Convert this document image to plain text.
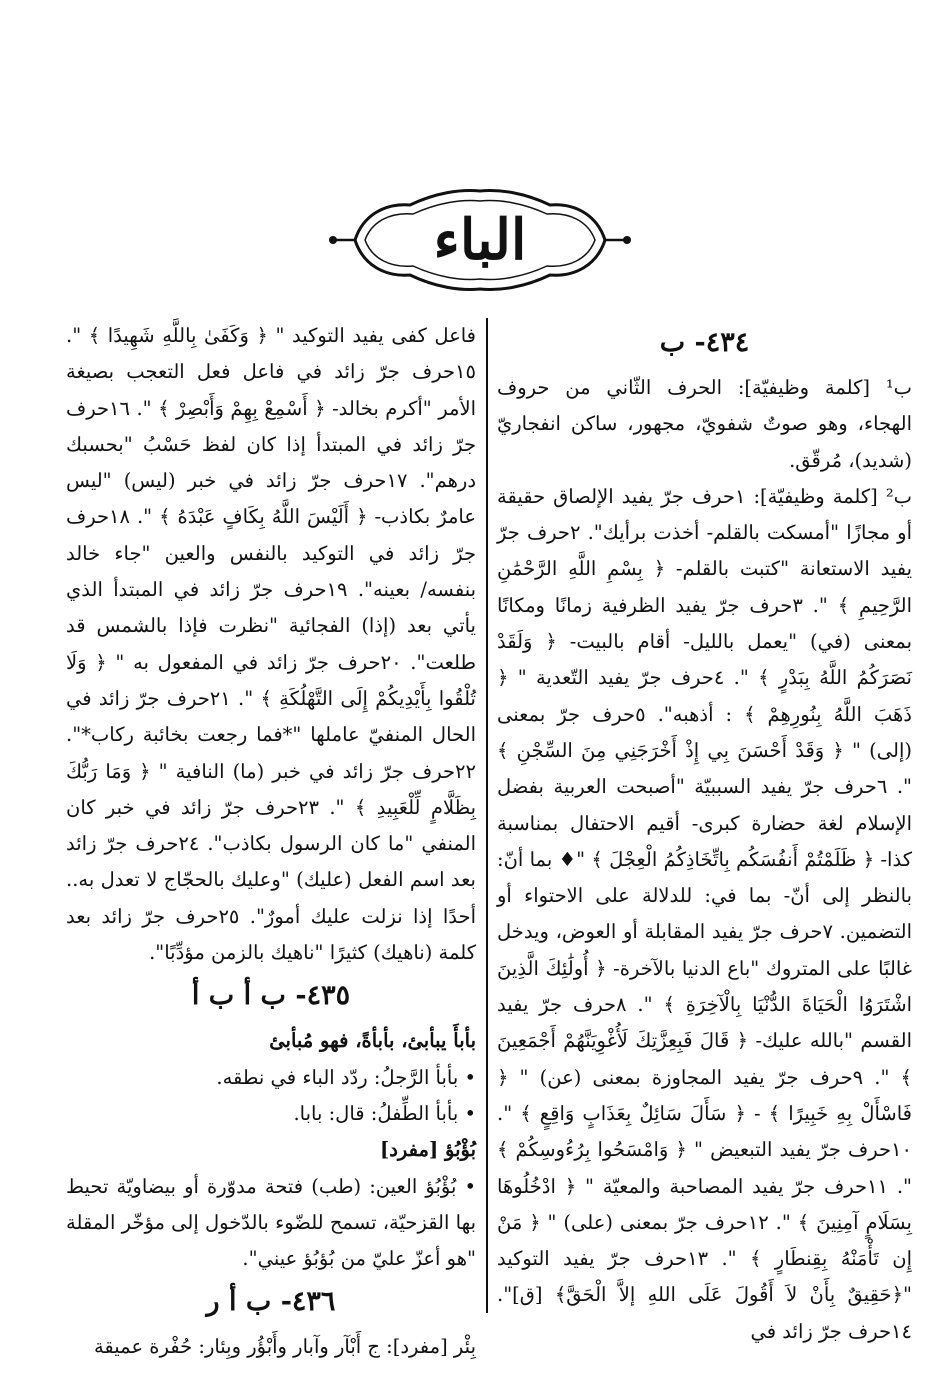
الباء
٤٣٤- ب

ب¹ [كلمة وظيفيّة]: الحرف الثّاني من حروف الهجاء، وهو صوتٌ شفويّ، مجهور، ساكن انفجاريّ (شديد)، مُرقّق.

ب² [كلمة وظيفيّة]: ١حرف جرّ يفيد الإلصاق حقيقة أو مجازًا "أمسكت بالقلم- أخذت برأيك". ٢حرف جرّ يفيد الاستعانة "كتبت بالقلم- ﴿ بِسْمِ اللَّهِ الرَّحْمَٰنِ الرَّحِيمِ ﴾ ". ٣حرف جرّ يفيد الظرفية زمانًا ومكانًا بمعنى (في) "يعمل بالليل- أقام بالبيت- ﴿ وَلَقَدْ نَصَرَكُمُ اللَّهُ بِبَدْرٍ ﴾ ". ٤حرف جرّ يفيد التّعدية " ﴿ ذَهَبَ اللَّهُ بِنُورِهِمْ ﴾ : أذهبه". ٥حرف جرّ بمعنى (إلى) " ﴿ وَقَدْ أَحْسَنَ بِي إِذْ أَخْرَجَنِي مِنَ السِّجْنِ ﴾ ". ٦حرف جرّ يفيد السببيّة "أصبحت العربية بفضل الإسلام لغة حضارة كبرى- أقيم الاحتفال بمناسبة كذا- ﴿ ظَلَمْتُمْ أَنفُسَكُم بِاتِّخَاذِكُمُ الْعِجْلَ ﴾ "♦ بما أنّ: بالنظر إلى أنّ- بما في: للدلالة على الاحتواء أو التضمين. ٧حرف جرّ يفيد المقابلة أو العوض، ويدخل غالبًا على المتروك "باع الدنيا بالآخرة- ﴿ أُولَٰئِكَ الَّذِينَ اشْتَرَوُا الْحَيَاةَ الدُّنْيَا بِالْآخِرَةِ ﴾ ". ٨حرف جرّ يفيد القسم "بالله عليك- ﴿ قَالَ فَبِعِزَّتِكَ لَأُغْوِيَنَّهُمْ أَجْمَعِينَ ﴾ ". ٩حرف جرّ يفيد المجاوزة بمعنى (عن) " ﴿ فَاسْأَلْ بِهِ خَبِيرًا ﴾ - ﴿ سَأَلَ سَائِلٌ بِعَذَابٍ وَاقِعٍ ﴾ ". ١٠حرف جرّ يفيد التبعيض " ﴿ وَامْسَحُوا بِرُءُوسِكُمْ ﴾ ". ١١حرف جرّ يفيد المصاحبة والمعيّة " ﴿ ادْخُلُوهَا بِسَلَامٍ آمِنِينَ ﴾ ". ١٢حرف جرّ بمعنى (على) " ﴿ مَنْ إِن تَأْمَنْهُ بِقِنطَارٍ ﴾ ". ١٣حرف جرّ يفيد التوكيد "﴿حَقِيقٌ بِأَنْ لاَ أَقُولَ عَلَى اللهِ إلاَّ الْحَقَّ﴾ [ق]". ١٤حرف جرّ زائد في

فاعل كفى يفيد التوكيد " ﴿ وَكَفَىٰ بِاللَّهِ شَهِيدًا ﴾ ". ١٥حرف جرّ زائد في فاعل فعل التعجب بصيغة الأمر "أكرم بخالد- ﴿ أَسْمِعْ بِهِمْ وَأَبْصِرْ ﴾ ". ١٦حرف جرّ زائد في المبتدأ إذا كان لفظ حَسْبُ "بحسبك درهم". ١٧حرف جرّ زائد في خبر (ليس) "ليس عامرٌ بكاذب- ﴿ أَلَيْسَ اللَّهُ بِكَافٍ عَبْدَهُ ﴾ ". ١٨حرف جرّ زائد في التوكيد بالنفس والعين "جاء خالد بنفسه/ بعينه". ١٩حرف جرّ زائد في المبتدأ الذي يأتي بعد (إذا) الفجائية "نظرت فإذا بالشمس قد طلعت". ٢٠حرف جرّ زائد في المفعول به " ﴿ وَلَا تُلْقُوا بِأَيْدِيكُمْ إِلَى التَّهْلُكَةِ ﴾ ". ٢١حرف جرّ زائد في الحال المنفيّ عاملها "*فما رجعت بخائبة ركاب*". ٢٢حرف جرّ زائد في خبر (ما) النافية " ﴿ وَمَا رَبُّكَ بِظَلَّامٍ لِّلْعَبِيدِ ﴾ ". ٢٣حرف جرّ زائد في خبر كان المنفي "ما كان الرسول بكاذب". ٢٤حرف جرّ زائد بعد اسم الفعل (عليك) "وعليك بالحجّاج لا تعدل به.. أحدًا إذا نزلت عليك أمورٌ". ٢٥حرف جرّ زائد بعد كلمة (ناهيك) كثيرًا "ناهيك بالزمن مؤدِّبًا".

٤٣٥- ب أ ب أ

بأبأَ يبأبئ، بأبأةً، فهو مُبأبئ

• بأبأ الرَّجلُ: ردّد الباء في نطقه.

• بأبأ الطِّفلُ: قال: بابا.

بُؤْبُؤ [مفرد]

• بُؤْبُؤ العين: (طب) فتحة مدوّرة أو بيضاويّة تحيط بها القزحيّة، تسمح للضّوء بالدّخول إلى مؤخّر المقلة "هو أعزّ عليّ من بُؤبُؤ عيني".

٤٣٦- ب أ ر

بِئْر [مفرد]: ج أَبْآر وآبار وأَبْؤُر وبِئار: حُفْرة عميقة
